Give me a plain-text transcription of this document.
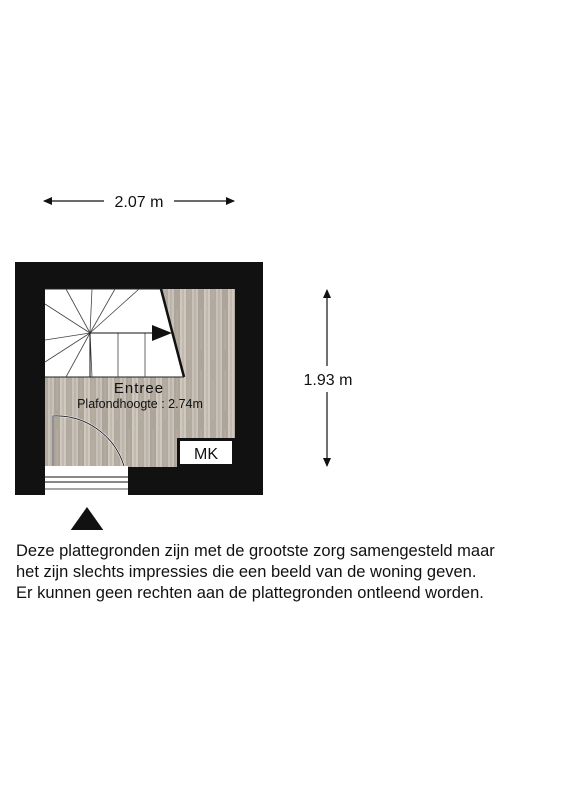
2.07 m
1.93 m
MK
Entree
Plafondhoogte : 2.74m
Deze plattegronden zijn met de grootste zorg samengesteld maar
het zijn slechts impressies die een beeld van de woning geven.
Er kunnen geen rechten aan de plattegronden ontleend worden.
